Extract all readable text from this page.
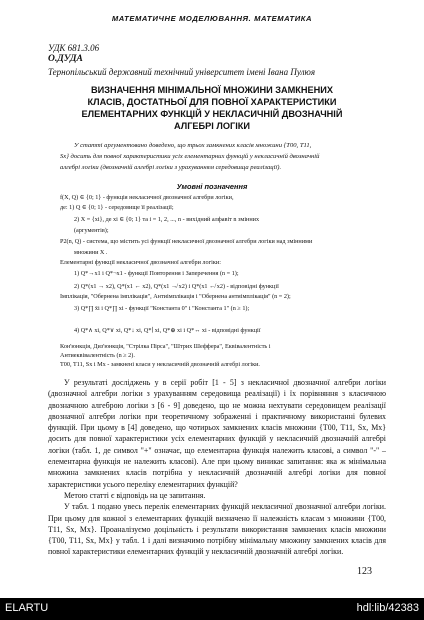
МАТЕМАТИЧНЕ МОДЕЛЮВАННЯ. МАТЕМАТИКА
УДК 681.3.06
О.ДУДА
Тернопільський державний технічний університет імені Івана Пулюя
ВИЗНАЧЕННЯ МІНІМАЛЬНОЇ МНОЖИНИ ЗАМКНЕНИХ
КЛАСІВ, ДОСТАТНЬОЇ ДЛЯ ПОВНОЇ ХАРАКТЕРИСТИКИ
ЕЛЕМЕНТАРНИХ ФУНКЦІЙ У НЕКЛАСИЧНІЙ ДВОЗНАЧНІЙ
АЛГЕБРІ ЛОГІКИ
У статті аргументовано доведено, що трьох замкнених класів множини {T00, T11,
Sx} досить для повної характеристики усіх елементарних функцій у некласичній двозначній
алгебрі логіки (двозначній алгебрі логіки з урахуванням середовища реалізації).
Умовні позначення
f(X, Q) ∈ {0; 1} - функція некласичної двозначної алгебри логіки,
де: 1) Q ∈ {0; 1} - середовище її реалізації;
2) X = {xi}, де xi ∈ {0; 1} та i = 1, 2, ..., n - вихідний алфавіт n змінних
(аргументів);
P2(n, Q) - система, що містить усі функції некласичної двозначної алгебри логіки над змінними
множини X .
Елементарні функції некласичної двозначної алгебри логіки:
1) Q*→x1 і Q*¬x1 - функції Повторення і Заперечення (n = 1);
2) Q*(x1 → x2), Q*(x1 ← x2), Q*(x1 ↛ x2) і Q*(x1 ↚ x2) - відповідні функції
Імплікація, "Обернена імплікація", Антиімплікація і "Обернена антиімплікація" (n = 2);
3) Q*∏ x̄i і Q*∏ xi - функції "Константа 0" і "Константа 1" (n ≥ 1);
4) Q*∧ xi, Q*∨ xi, Q*↓ xi, Q*∣ xi, Q*⊕ xi і Q*↔ xi - відповідні функції
Кон'юнкція, Диз'юнкція, "Стрілка Пірса", "Штрих Шеффера", Еквівалентність і
Антиеквівалентність (n ≥ 2).
T00, T11, Sx і Mx - замкнені класи у некласичній двозначній алгебрі логіки.

У результаті досліджень у в серії робіт [1 - 5] з некласичної двозначної алгебри логіки (двозначної алгебри логіки з урахуванням середовища реалізації) і їх порівняння з класичною двозначною алгеброю логіки з [6 - 9] доведено, що не можна нехтувати середовищем реалізації двозначної алгебри логіки при теоретичному зображенні і практичному використанні булевих функцій. При цьому в [4] доведено, що чотирьох замкнених класів множини {T00, T11, Sx, Mx} досить для повної характеристики усіх елементарних функцій у некласичній двозначній алгебрі логіки (табл. 1, де символ "+" означає, що елементарна функція належить класові, а символ "-" – елементарна функція не належить класові). Але при цьому виникає запитання: яка ж мінімальна множина замкнених класів потрібна у некласичній двозначній алгебрі логіки для повної характеристики усього переліку елементарних функцій?

Метою статті є відповідь на це запитання.

У табл. 1 подано увесь перелік елементарних функцій некласичної двозначної алгебри логіки. При цьому для кожної з елементарних функцій визначено її належність класам з множини {T00, T11, Sx, Mx}. Проаналізуємо доцільність і результати використання замкнених класів множини {T00, T11, Sx, Mx} у табл. 1 і далі визначимо потрібну мінімальну множину замкнених класів для повної характеристики елементарних функцій у некласичній двозначній алгебрі логіки.

123
ELARTU	hdl:lib/42383
